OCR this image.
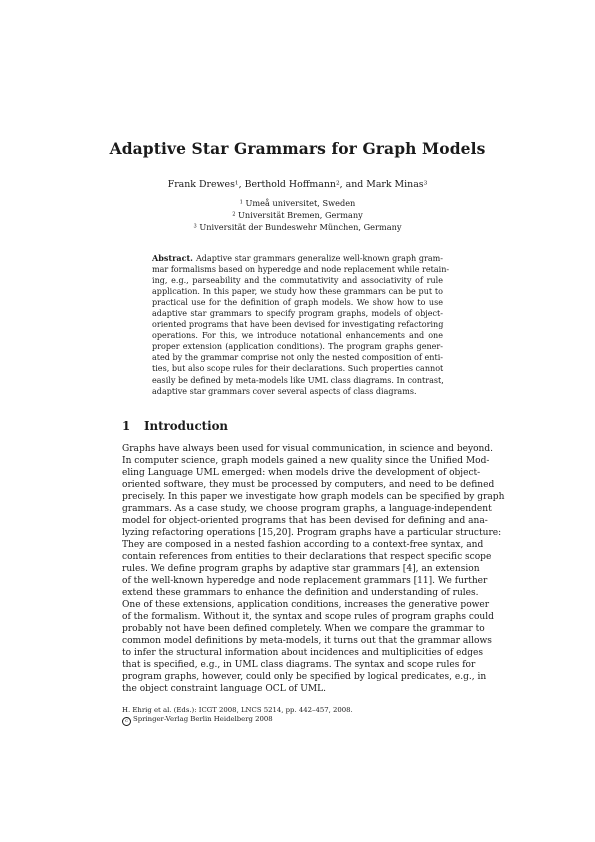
Adaptive Star Grammars for Graph Models
Frank Drewes$^1$, Berthold Hoffmann$^2$, and Mark Minas$^3$
$^1$ Umeå universitet, Sweden
$^2$ Universität Bremen, Germany
$^3$ Universität der Bundeswehr München, Germany
Abstract. Adaptive star grammars generalize well-known graph gram-
mar formalisms based on hyperedge and node replacement while retain-
ing, e.g., parseability and the commutativity and associativity of rule
application. In this paper, we study how these grammars can be put to
practical use for the definition of graph models. We show how to use
adaptive star grammars to specify program graphs, models of object-
oriented programs that have been devised for investigating refactoring
operations. For this, we introduce notational enhancements and one
proper extension (application conditions). The program graphs gener-
ated by the grammar comprise not only the nested composition of enti-
ties, but also scope rules for their declarations. Such properties cannot
easily be defined by meta-models like UML class diagrams. In contrast,
adaptive star grammars cover several aspects of class diagrams.
1 Introduction
Graphs have always been used for visual communication, in science and beyond.
In computer science, graph models gained a new quality since the Unified Mod-
eling Language UML emerged: when models drive the development of object-
oriented software, they must be processed by computers, and need to be defined
precisely. In this paper we investigate how graph models can be specified by graph
grammars. As a case study, we choose program graphs, a language-independent
model for object-oriented programs that has been devised for defining and ana-
lyzing refactoring operations [15,20]. Program graphs have a particular structure:
They are composed in a nested fashion according to a context-free syntax, and
contain references from entities to their declarations that respect specific scope
rules. We define program graphs by adaptive star grammars [4], an extension
of the well-known hyperedge and node replacement grammars [11]. We further
extend these grammars to enhance the definition and understanding of rules.
One of these extensions, application conditions, increases the generative power
of the formalism. Without it, the syntax and scope rules of program graphs could
probably not have been defined completely. When we compare the grammar to
common model definitions by meta-models, it turns out that the grammar allows
to infer the structural information about incidences and multiplicities of edges
that is specified, e.g., in UML class diagrams. The syntax and scope rules for
program graphs, however, could only be specified by logical predicates, e.g., in
the object constraint language OCL of UML.
H. Ehrig et al. (Eds.): ICGT 2008, LNCS 5214, pp. 442–457, 2008.
c Springer-Verlag Berlin Heidelberg 2008
